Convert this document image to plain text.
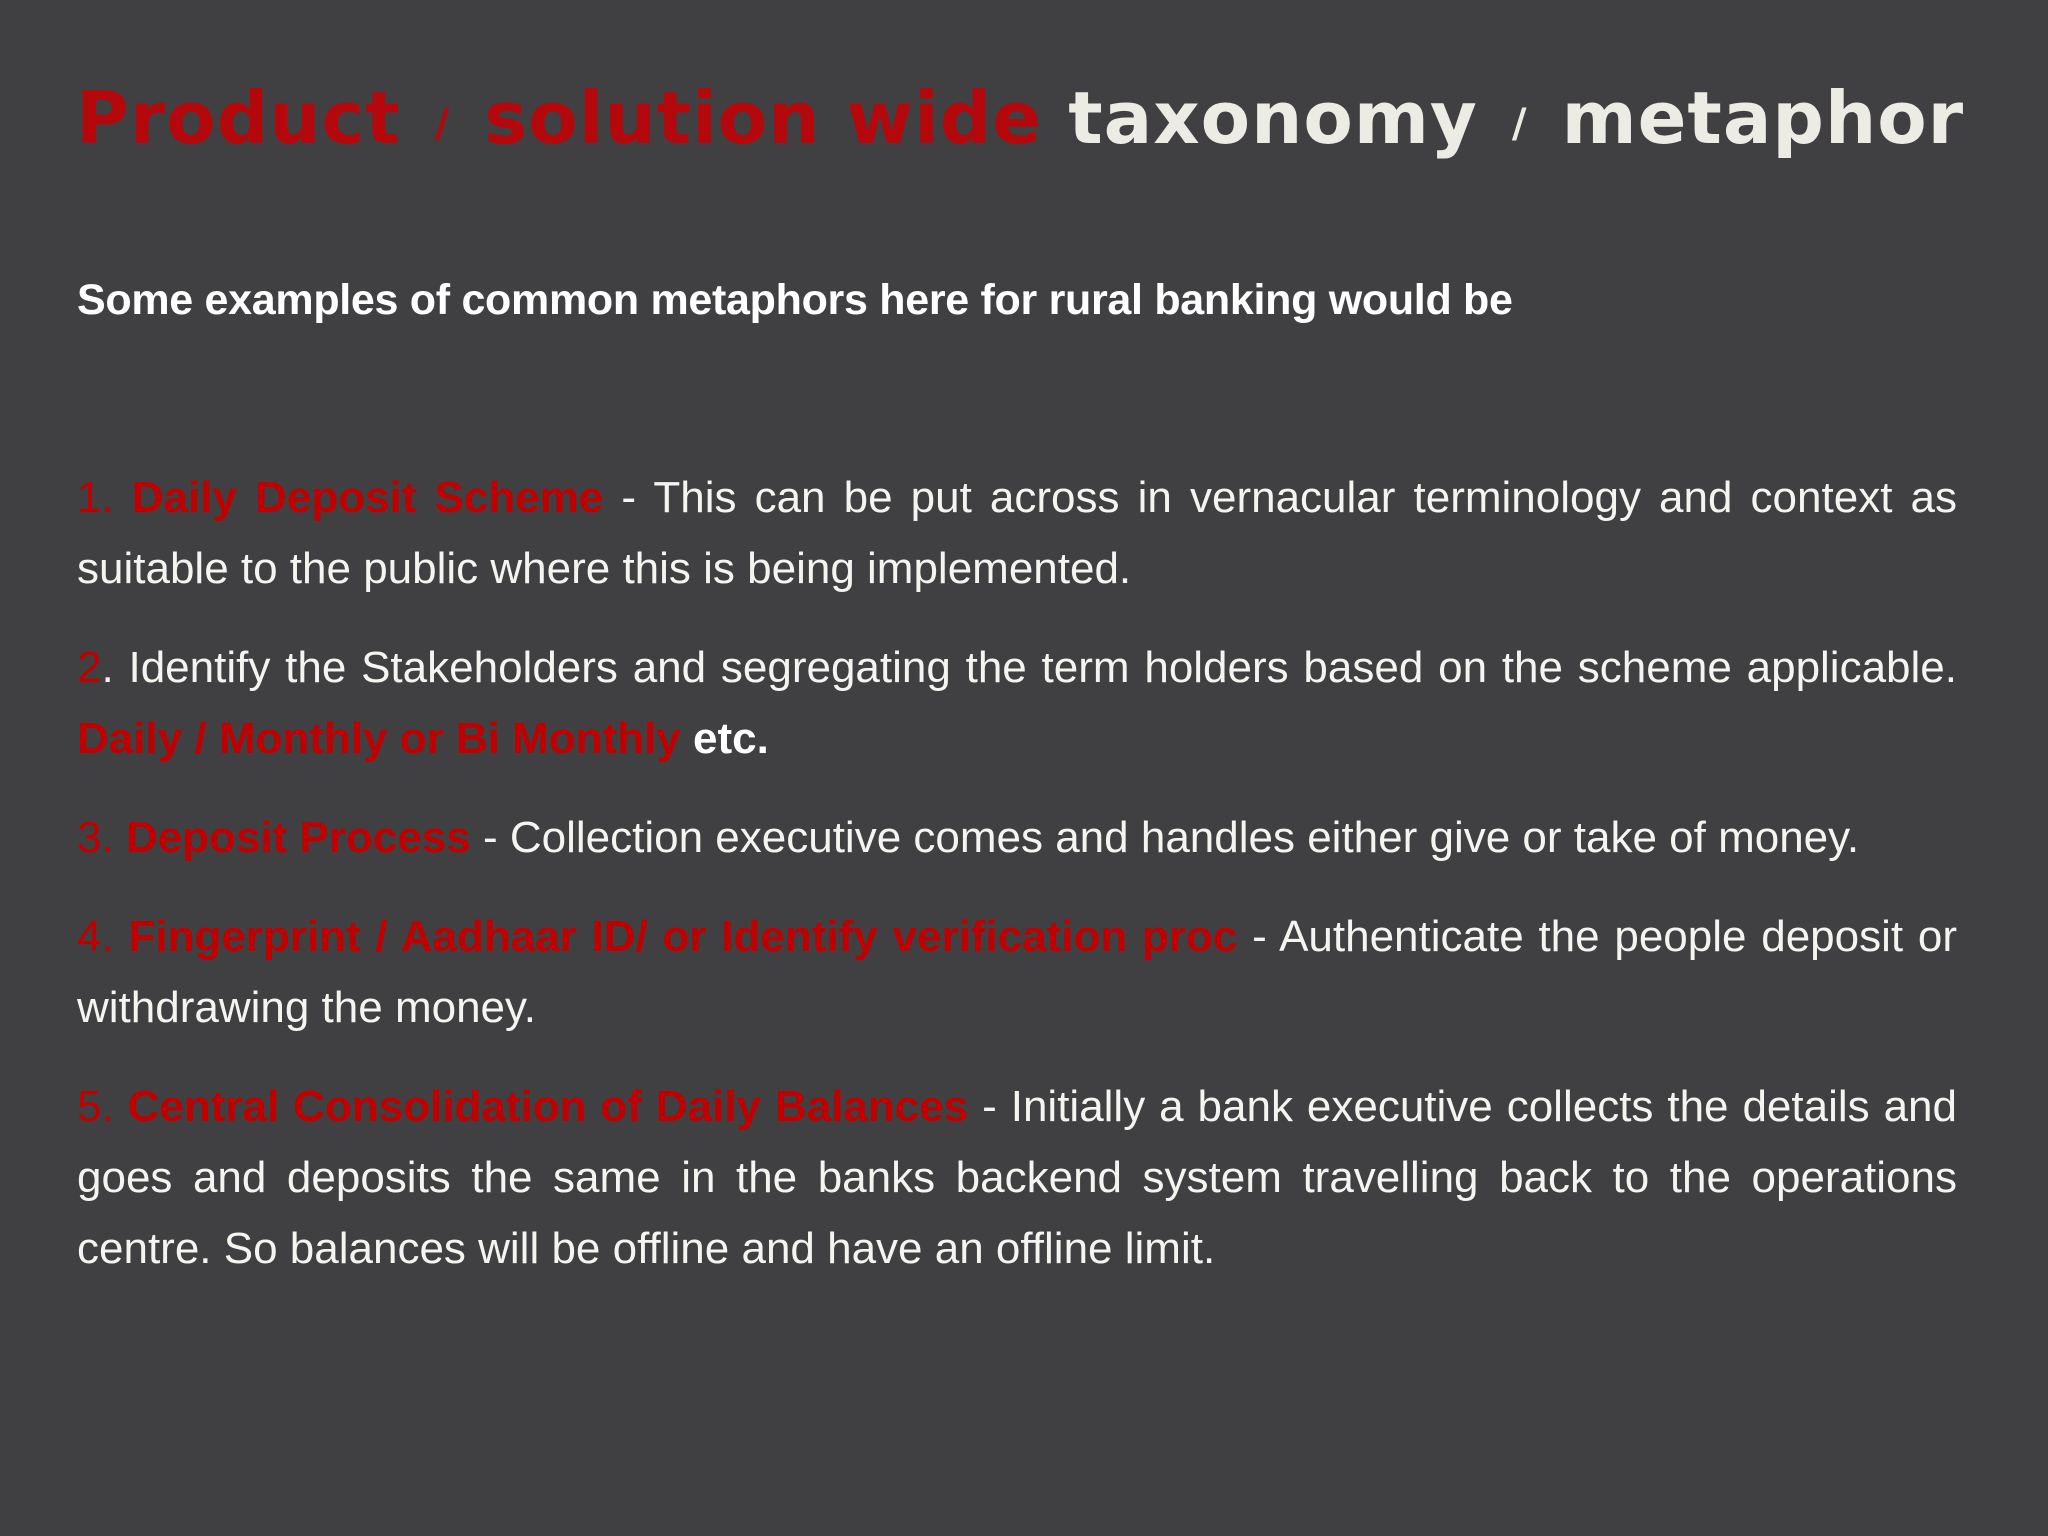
Product / solution wide taxonomy / metaphor

Some examples of common metaphors here for rural banking would be

1. Daily Deposit Scheme - This can be put across in vernacular terminology and context as suitable to the public where this is being implemented.
2. Identify the Stakeholders and segregating the term holders based on the scheme applicable. Daily / Monthly or Bi Monthly etc.
3. Deposit Process - Collection executive comes and handles either give or take of money.
4. Fingerprint / Aadhaar ID/ or Identify verification proc - Authenticate the people deposit or withdrawing the money.
5. Central Consolidation of Daily Balances - Initially a bank executive collects the details and goes and deposits the same in the banks backend system travelling back to the operations centre. So balances will be offline and have an offline limit.
